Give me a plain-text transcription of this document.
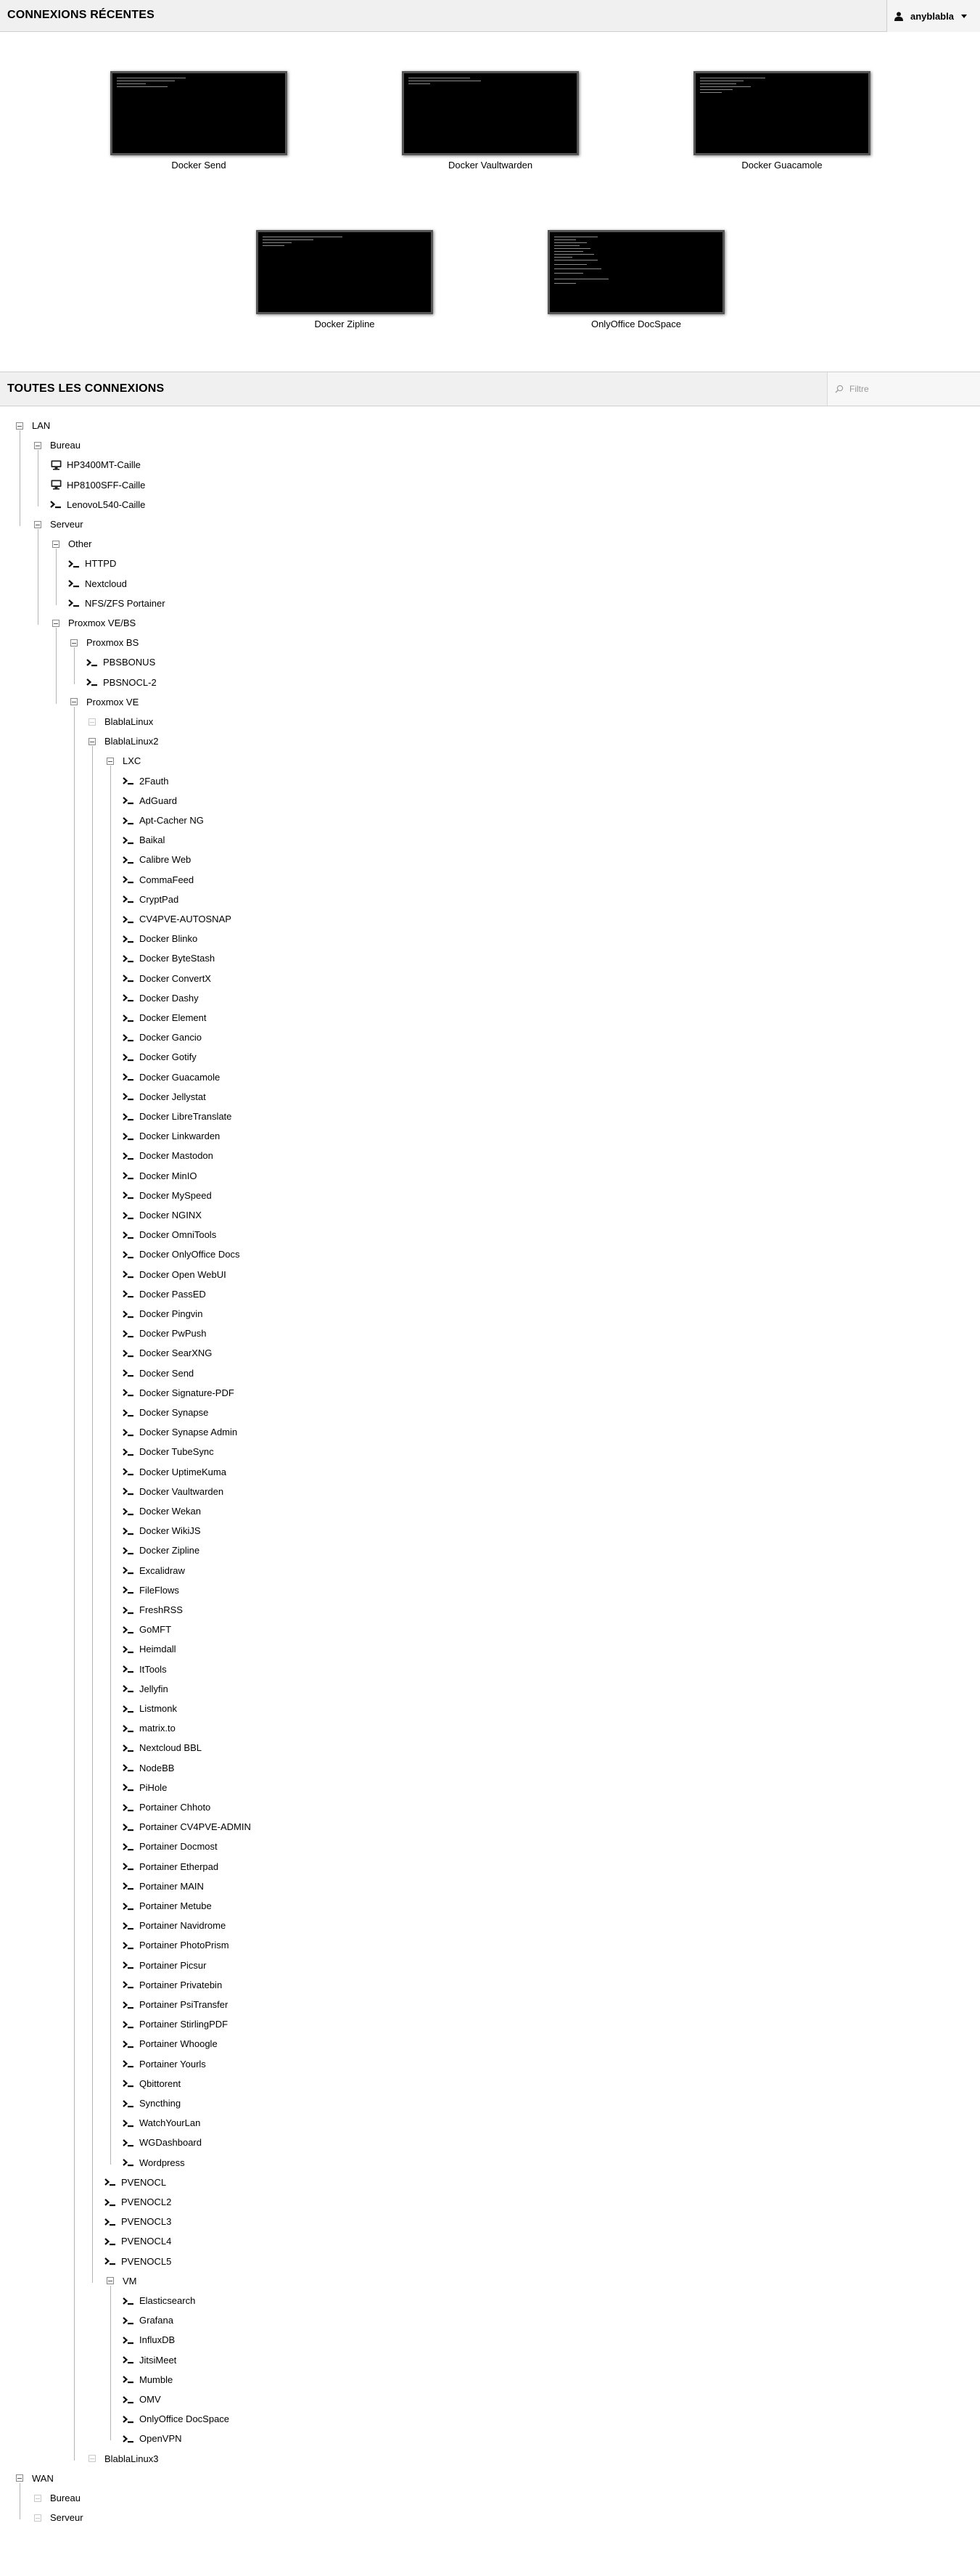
CONNEXIONS RÉCENTES	anyblabla
Docker Send	Docker Vaultwarden	Docker Guacamole
Docker Zipline	OnlyOffice DocSpace
TOUTES LES CONNEXIONS
Filtre
LAN
Bureau
HP3400MT-Caille
HP8100SFF-Caille
LenovoL540-Caille
Serveur
Other
HTTPD
Nextcloud
NFS/ZFS Portainer
Proxmox VE/BS
Proxmox BS
PBSBONUS
PBSNOCL-2
Proxmox VE
BlablaLinux
BlablaLinux2
LXC
2Fauth
AdGuard
Apt-Cacher NG
Baikal
Calibre Web
CommaFeed
CryptPad
CV4PVE-AUTOSNAP
Docker Blinko
Docker ByteStash
Docker ConvertX
Docker Dashy
Docker Element
Docker Gancio
Docker Gotify
Docker Guacamole
Docker Jellystat
Docker LibreTranslate
Docker Linkwarden
Docker Mastodon
Docker MinIO
Docker MySpeed
Docker NGINX
Docker OmniTools
Docker OnlyOffice Docs
Docker Open WebUI
Docker PassED
Docker Pingvin
Docker PwPush
Docker SearXNG
Docker Send
Docker Signature-PDF
Docker Synapse
Docker Synapse Admin
Docker TubeSync
Docker UptimeKuma
Docker Vaultwarden
Docker Wekan
Docker WikiJS
Docker Zipline
Excalidraw
FileFlows
FreshRSS
GoMFT
Heimdall
ItTools
Jellyfin
Listmonk
matrix.to
Nextcloud BBL
NodeBB
PiHole
Portainer Chhoto
Portainer CV4PVE-ADMIN
Portainer Docmost
Portainer Etherpad
Portainer MAIN
Portainer Metube
Portainer Navidrome
Portainer PhotoPrism
Portainer Picsur
Portainer Privatebin
Portainer PsiTransfer
Portainer StirlingPDF
Portainer Whoogle
Portainer Yourls
Qbittorent
Syncthing
WatchYourLan
WGDashboard
Wordpress
PVENOCL
PVENOCL2
PVENOCL3
PVENOCL4
PVENOCL5
VM
Elasticsearch
Grafana
InfluxDB
JitsiMeet
Mumble
OMV
OnlyOffice DocSpace
OpenVPN
BlablaLinux3
WAN
Bureau
Serveur
